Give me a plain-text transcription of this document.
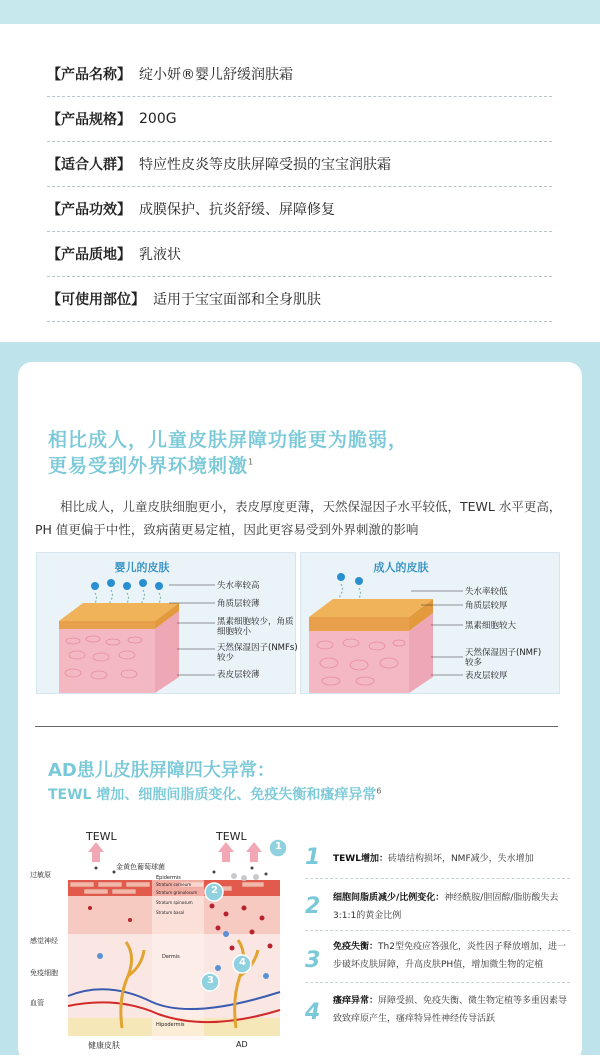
【产品名称】 绽小妍®婴儿舒缓润肤霜
【产品规格】 200G
【适合人群】 特应性皮炎等皮肤屏障受损的宝宝润肤霜
【产品功效】 成膜保护、抗炎舒缓、屏障修复
【产品质地】 乳液状
【可使用部位】 适用于宝宝面部和全身肌肤
相比成人，儿童皮肤屏障功能更为脆弱，
更易受到外界环境刺激$^1$
相比成人，儿童皮肤细胞更小，表皮厚度更薄，天然保湿因子水平较低，TEWL 水平更高，PH 值更偏于中性，致病菌更易定植，因此更容易受到外界刺激的影响
婴儿的皮肤
失水率较高
角质层较薄
黑素细胞较少，角质
细胞较小
天然保湿因子(NMFs)
较少
表皮层较薄
成人的皮肤
失水率较低
角质层较厚
黑素细胞较大
天然保湿因子(NMF)
较多
表皮层较厚
AD患儿皮肤屏障四大异常：
TEWL 增加、细胞间脂质变化、免疫失衡和瘙痒异常$^6$
TEWL	TEWL
金黄色葡萄球菌
过敏原
感觉神经
免疫细胞
血管
Epidermis
Stratum corneum
Stratum granulosum
Stratum spinosum
Stratum basal
Dermis
Hipodermis
健康皮肤	AD
1
2
3
4
1 TEWL增加：砖墙结构损坏，NMF减少，失水增加
2 细胞间脂质减少/比例变化：神经酰胺/胆固醇/脂肪酸失去3:1:1的黄金比例
3
免疫失衡：Th2型免疫应答强化，炎性因子释放增加，进一步破坏皮肤屏障，升高皮肤PH值，增加微生物的定植
4 瘙痒异常：屏障受损、免疫失衡、微生物定植等多重因素导致致痒原产生，瘙痒特异性神经传导活跃
